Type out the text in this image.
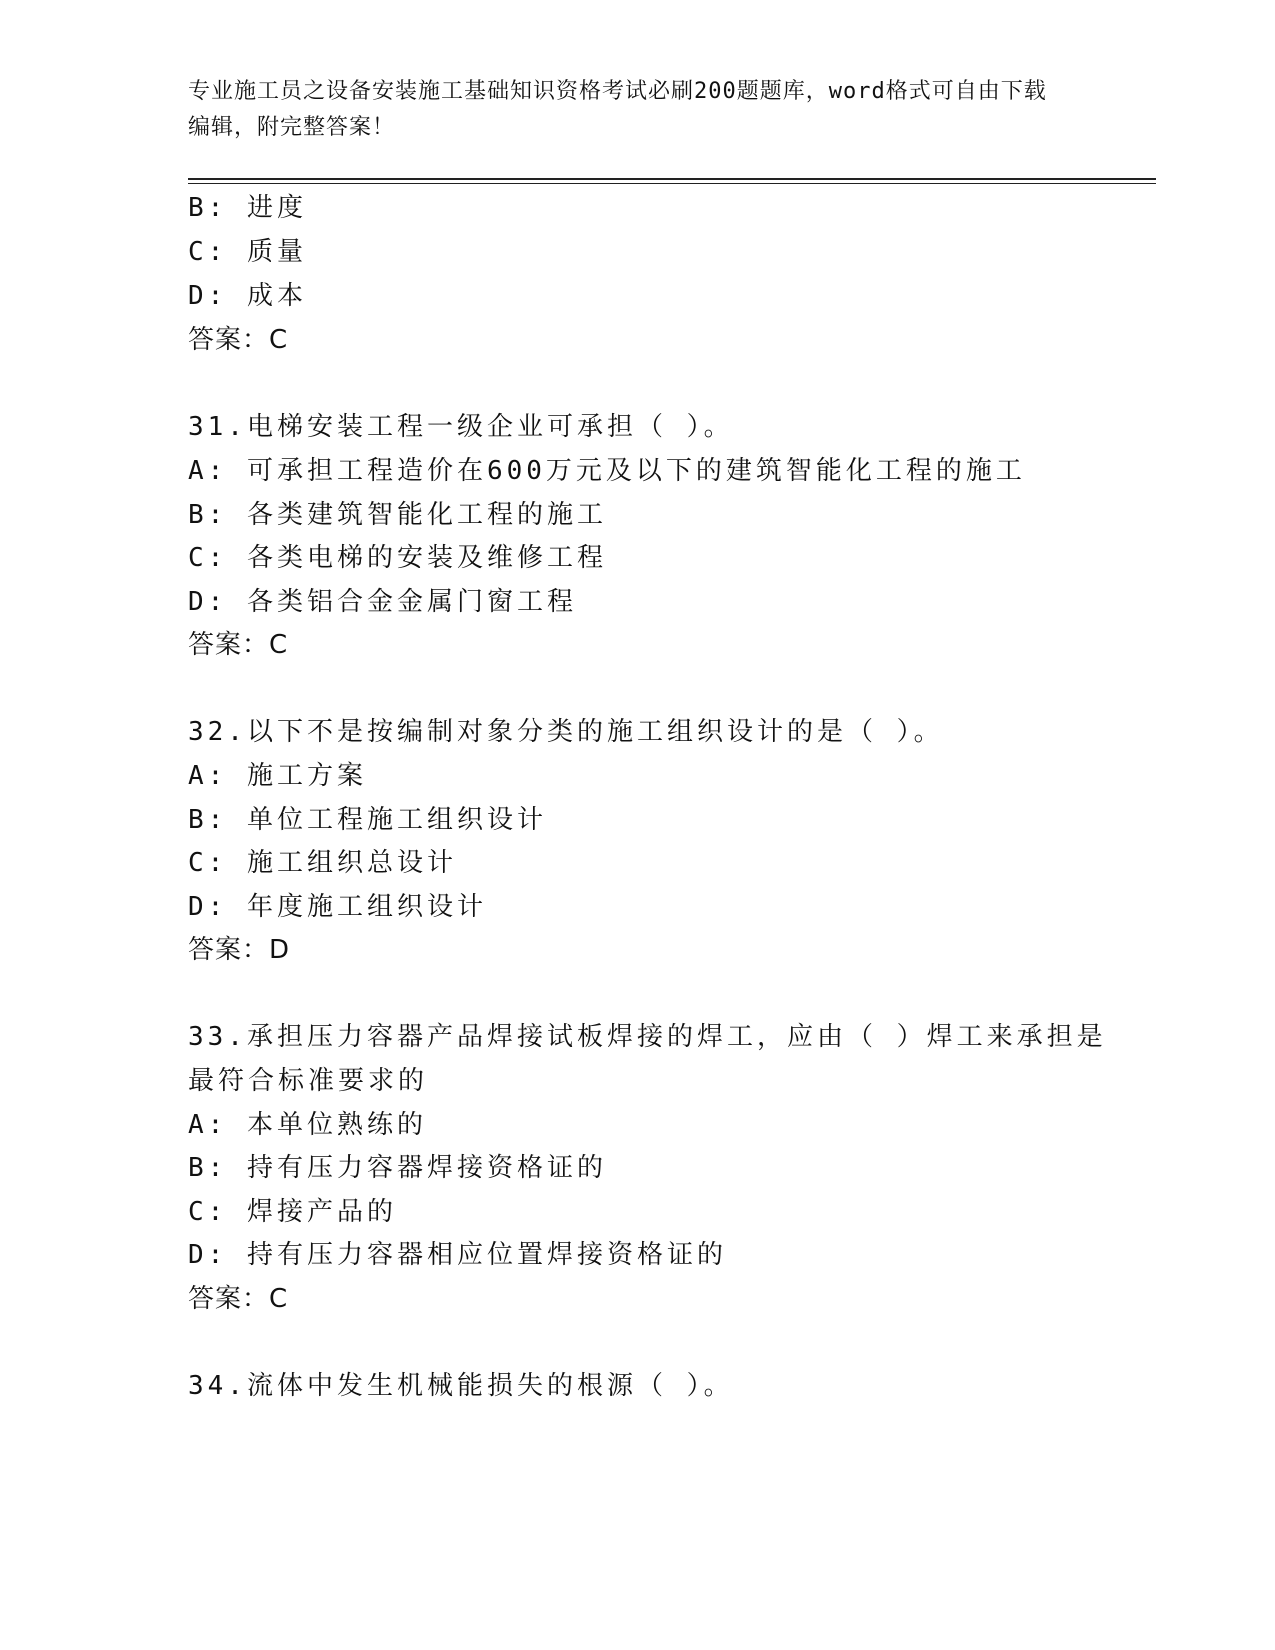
专业施工员之设备安装施工基础知识资格考试必刷200题题库，word格式可自由下载编辑，附完整答案！
B: 进度
C: 质量
D: 成本
答案：C
31.电梯安装工程一级企业可承担（ ）。
A: 可承担工程造价在600万元及以下的建筑智能化工程的施工
B: 各类建筑智能化工程的施工
C: 各类电梯的安装及维修工程
D: 各类铝合金金属门窗工程
答案：C
32.以下不是按编制对象分类的施工组织设计的是（ ）。
A: 施工方案
B: 单位工程施工组织设计
C: 施工组织总设计
D: 年度施工组织设计
答案：D
33.承担压力容器产品焊接试板焊接的焊工，应由（ ）焊工来承担是
最符合标准要求的
A: 本单位熟练的
B: 持有压力容器焊接资格证的
C: 焊接产品的
D: 持有压力容器相应位置焊接资格证的
答案：C
34.流体中发生机械能损失的根源（ ）。
